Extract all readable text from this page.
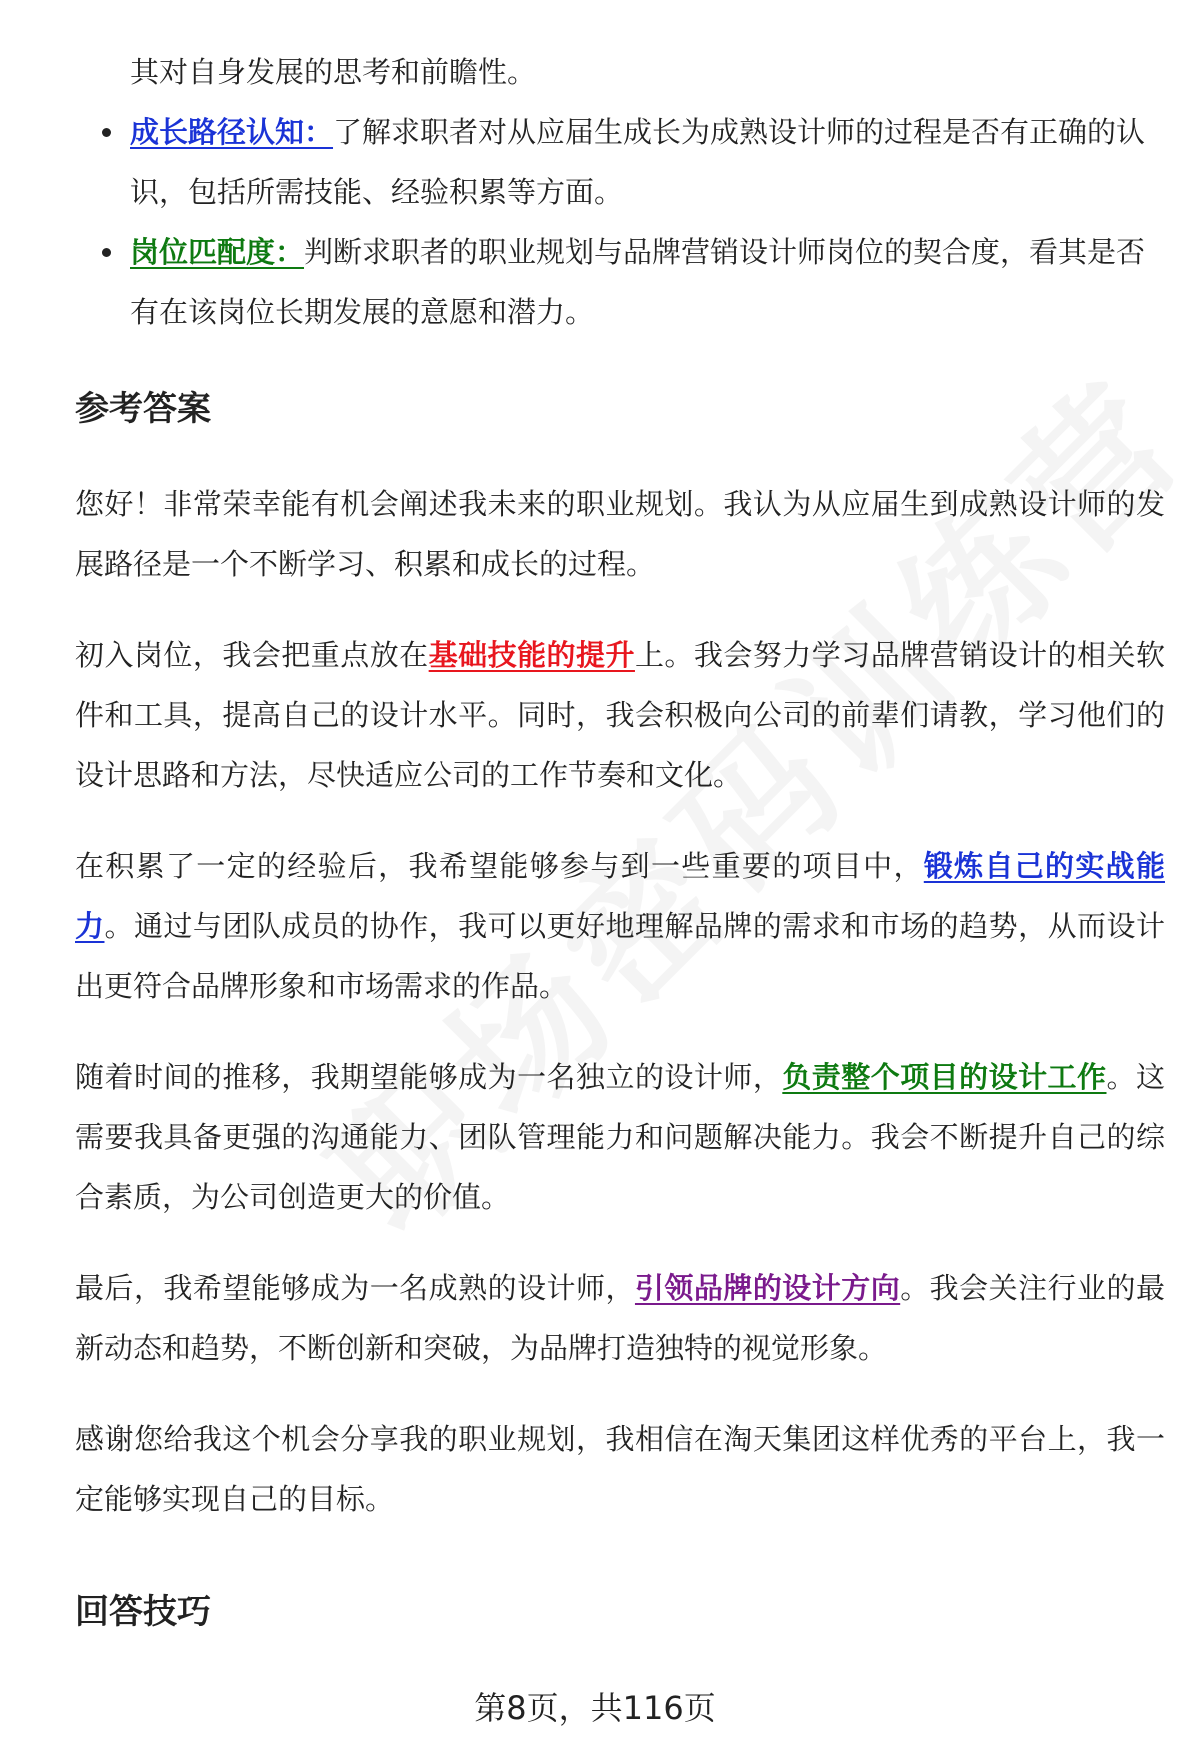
其对自身发展的思考和前瞻性。

成长路径认知：了解求职者对从应届生成长为成熟设计师的过程是否有正确的认识，包括所需技能、经验积累等方面。
岗位匹配度：判断求职者的职业规划与品牌营销设计师岗位的契合度，看其是否有在该岗位长期发展的意愿和潜力。
参考答案

您好！非常荣幸能有机会阐述我未来的职业规划。我认为从应届生到成熟设计师的发展路径是一个不断学习、积累和成长的过程。

初入岗位，我会把重点放在基础技能的提升上。我会努力学习品牌营销设计的相关软件和工具，提高自己的设计水平。同时，我会积极向公司的前辈们请教，学习他们的设计思路和方法，尽快适应公司的工作节奏和文化。

在积累了一定的经验后，我希望能够参与到一些重要的项目中，锻炼自己的实战能力。通过与团队成员的协作，我可以更好地理解品牌的需求和市场的趋势，从而设计出更符合品牌形象和市场需求的作品。

随着时间的推移，我期望能够成为一名独立的设计师，负责整个项目的设计工作。这需要我具备更强的沟通能力、团队管理能力和问题解决能力。我会不断提升自己的综合素质，为公司创造更大的价值。

最后，我希望能够成为一名成熟的设计师，引领品牌的设计方向。我会关注行业的最新动态和趋势，不断创新和突破，为品牌打造独特的视觉形象。

感谢您给我这个机会分享我的职业规划，我相信在淘天集团这样优秀的平台上，我一定能够实现自己的目标。

回答技巧
第8页，共116页
